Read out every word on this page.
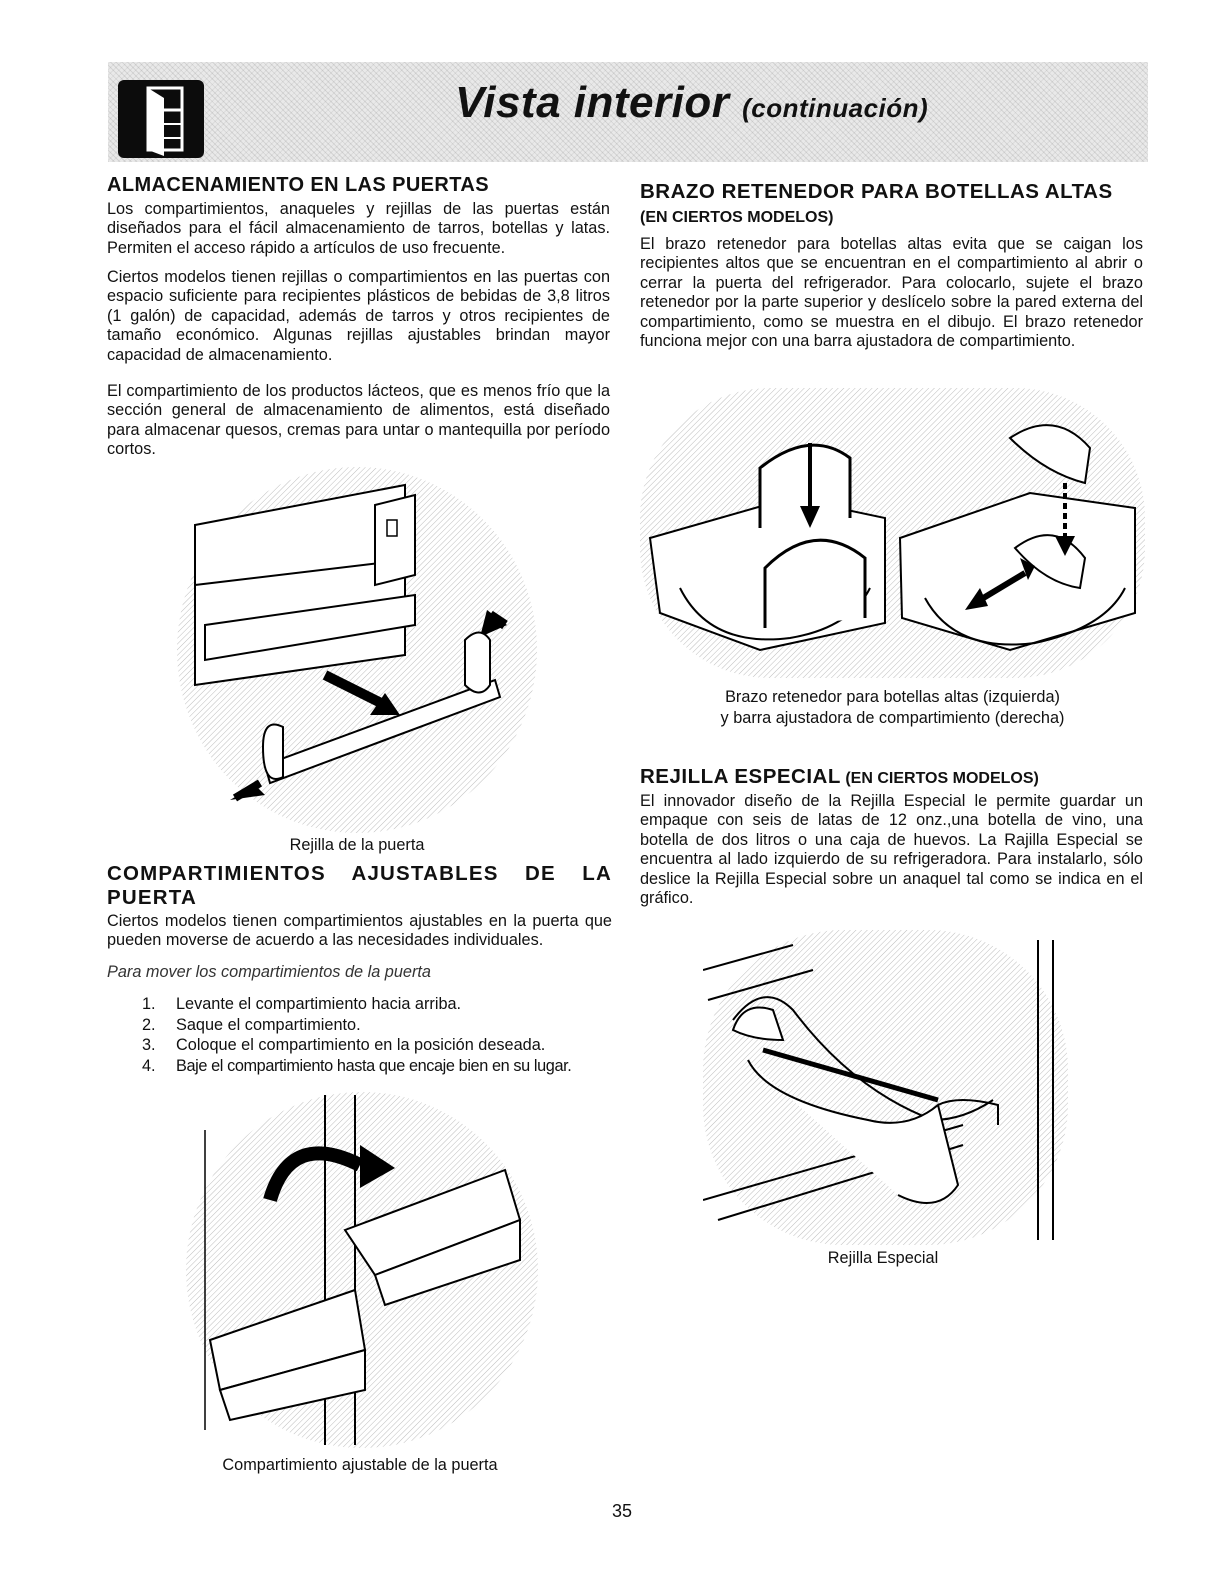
Vista interior (continuación)
ALMACENAMIENTO EN LAS PUERTAS

Los compartimientos, anaqueles y rejillas de las puertas están diseñados para el fácil almacenamiento de tarros, botellas y latas. Permiten el acceso rápido a artículos de uso frecuente.

Ciertos modelos tienen rejillas o compartimientos en las puertas con espacio suficiente para recipientes plásticos de bebidas de 3,8 litros (1 galón) de capacidad, además de tarros y otros recipientes de tamaño económico. Algunas rejillas ajustables brindan mayor capacidad de almacenamiento.

El compartimiento de los productos lácteos, que es menos frío que la sección general de almacenamiento de alimentos, está diseñado para almacenar quesos, cremas para untar o mantequilla por período cortos.

Rejilla de la puerta
COMPARTIMIENTOS AJUSTABLES DE LA
PUERTA

Ciertos modelos tienen compartimientos ajustables en la puerta que pueden moverse de acuerdo a las necesidades individuales.

Para mover los compartimientos de la puerta

1. Levante el compartimiento hacia arriba.
2. Saque el compartimiento.
3. Coloque el compartimiento en la posición deseada.
4. Baje el compartimiento hasta que encaje bien en su lugar.
Compartimiento ajustable de la puerta
BRAZO RETENEDOR PARA BOTELLAS ALTAS
(EN CIERTOS MODELOS)

El brazo retenedor para botellas altas evita que se caigan los recipientes altos que se encuentran en el compartimiento al abrir o cerrar la puerta del refrigerador. Para colocarlo, sujete el brazo retenedor por la parte superior y deslícelo sobre la pared externa del compartimiento, como se muestra en el dibujo. El brazo retenedor funciona mejor con una barra ajustadora de compartimiento.

Brazo retenedor para botellas altas (izquierda)
y barra ajustadora de compartimiento (derecha)
REJILLA ESPECIAL (EN CIERTOS MODELOS)

El innovador diseño de la Rejilla Especial le permite guardar un empaque con seis de latas de 12 onz.,una botella de vino, una botella de dos litros o una caja de huevos. La Rajilla Especial se encuentra al lado izquierdo de su refrigeradora. Para instalarlo, sólo deslice la Rejilla Especial sobre un anaquel tal como se indica en el gráfico.

Rejilla Especial
35
